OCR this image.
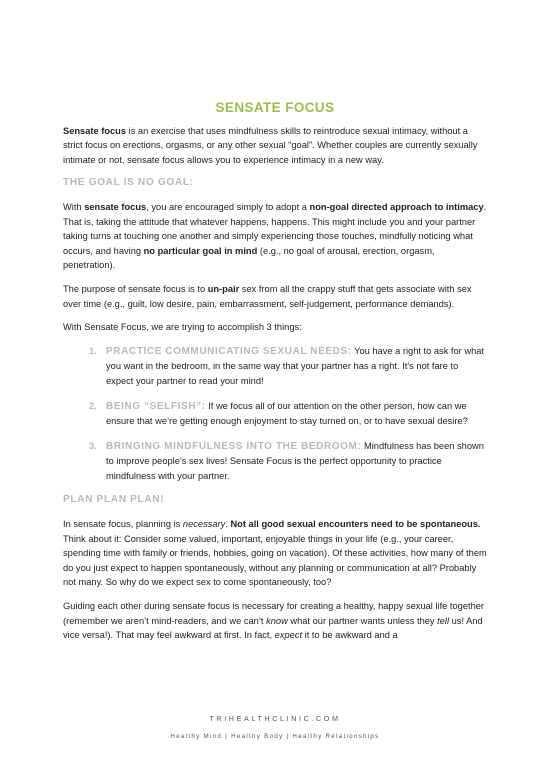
SENSATE FOCUS

Sensate focus is an exercise that uses mindfulness skills to reintroduce sexual intimacy, without a strict focus on erections, orgasms, or any other sexual “goal”. Whether couples are currently sexually intimate or not, sensate focus allows you to experience intimacy in a new way.

THE GOAL IS NO GOAL:

With sensate focus, you are encouraged simply to adopt a non-goal directed approach to intimacy. That is, taking the attitude that whatever happens, happens. This might include you and your partner taking turns at touching one another and simply experiencing those touches, mindfully noticing what occurs, and having no particular goal in mind (e.g., no goal of arousal, erection, orgasm, penetration).

The purpose of sensate focus is to un-pair sex from all the crappy stuff that gets associate with sex over time (e.g., guilt, low desire, pain, embarrassment, self-judgement, performance demands).

With Sensate Focus, we are trying to accomplish 3 things:

1. PRACTICE COMMUNICATING SEXUAL NEEDS: You have a right to ask for what you want in the bedroom, in the same way that your partner has a right. It’s not fare to expect your partner to read your mind!
2. BEING “SELFISH”: If we focus all of our attention on the other person, how can we ensure that we’re getting enough enjoyment to stay turned on, or to have sexual desire?
3. BRINGING MINDFULNESS INTO THE BEDROOM: Mindfulness has been shown to improve people’s sex lives! Sensate Focus is the perfect opportunity to practice mindfulness with your partner.
PLAN PLAN PLAN!

In sensate focus, planning is necessary. Not all good sexual encounters need to be spontaneous. Think about it: Consider some valued, important, enjoyable things in your life (e.g., your career, spending time with family or friends, hobbies, going on vacation). Of these activities, how many of them do you just expect to happen spontaneously, without any planning or communication at all? Probably not many. So why do we expect sex to come spontaneously, too?

Guiding each other during sensate focus is necessary for creating a healthy, happy sexual life together (remember we aren’t mind-readers, and we can’t know what our partner wants unless they tell us! And vice versa!). That may feel awkward at first. In fact, expect it to be awkward and a

TRIHEALTHCLINIC.COM
Healthy Mind | Healthy Body | Healthy Relationships
